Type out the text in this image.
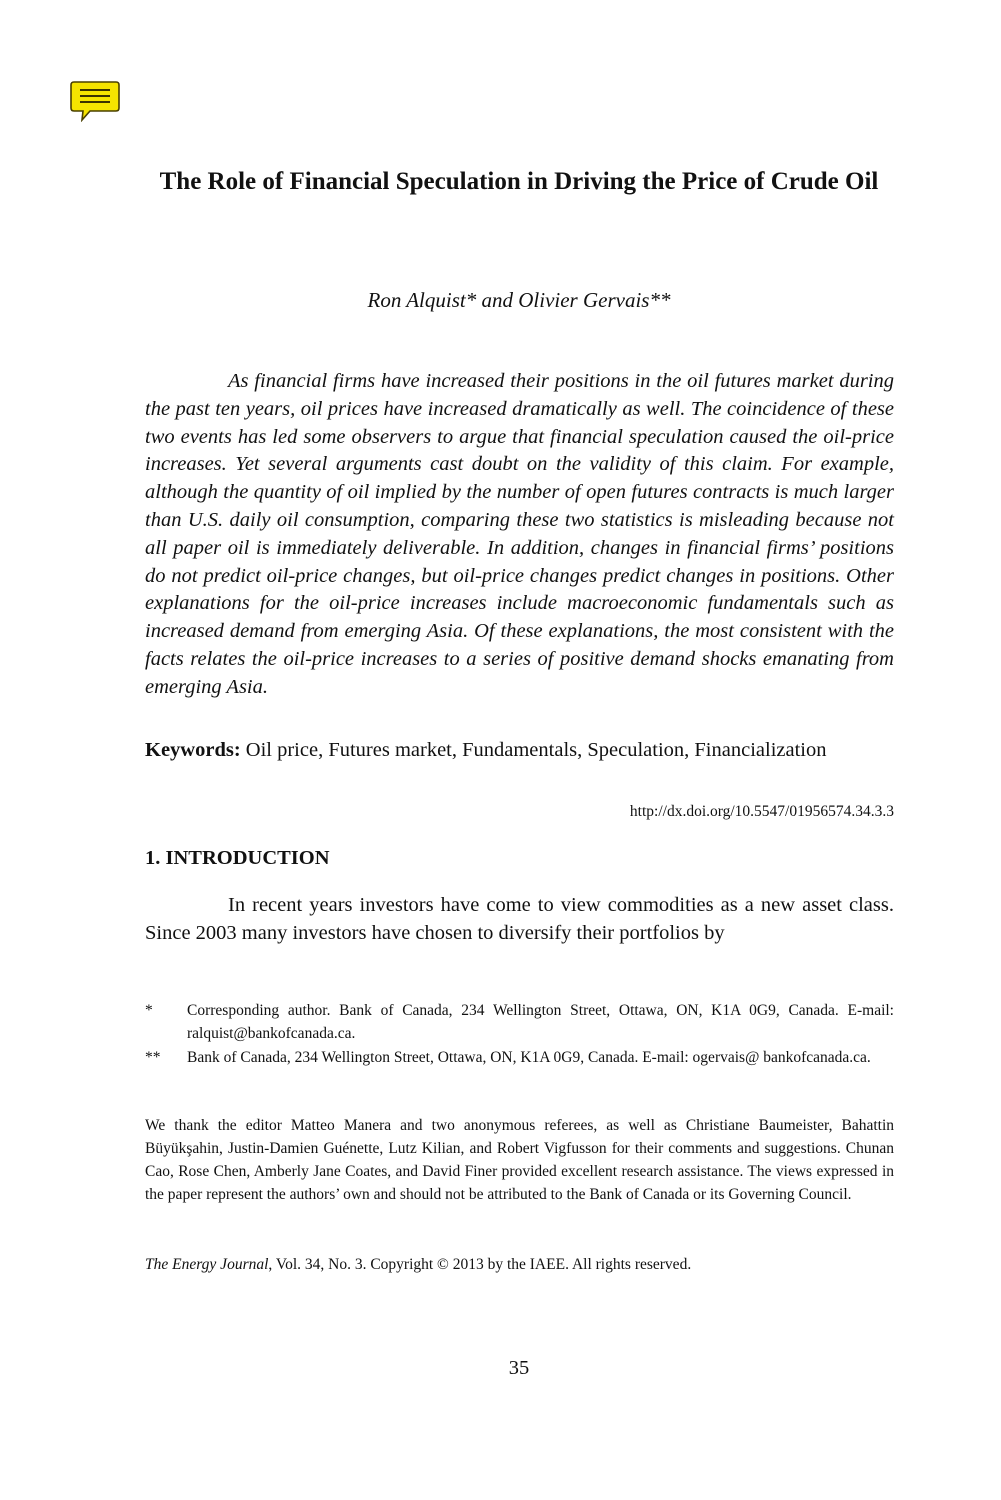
The Role of Financial Speculation in Driving the Price of Crude Oil
Ron Alquist* and Olivier Gervais**

As financial firms have increased their positions in the oil futures market during the past ten years, oil prices have increased dramatically as well. The coincidence of these two events has led some observers to argue that financial speculation caused the oil-price increases. Yet several arguments cast doubt on the validity of this claim. For example, although the quantity of oil implied by the number of open futures contracts is much larger than U.S. daily oil consumption, comparing these two statistics is misleading because not all paper oil is immediately deliverable. In addition, changes in financial firms’ positions do not predict oil-price changes, but oil-price changes predict changes in positions. Other explanations for the oil-price increases include macroeconomic fundamentals such as increased demand from emerging Asia. Of these explanations, the most consistent with the facts relates the oil-price increases to a series of positive demand shocks emanating from emerging Asia.

Keywords: Oil price, Futures market, Fundamentals, Speculation, Financialization

http://dx.doi.org/10.5547/01956574.34.3.3
1. INTRODUCTION

In recent years investors have come to view commodities as a new asset class. Since 2003 many investors have chosen to diversify their portfolios by

* Corresponding author. Bank of Canada, 234 Wellington Street, Ottawa, ON, K1A 0G9, Canada. E-mail: ralquist@bankofcanada.ca.
** Bank of Canada, 234 Wellington Street, Ottawa, ON, K1A 0G9, Canada. E-mail: ogervais@ bankofcanada.ca.

We thank the editor Matteo Manera and two anonymous referees, as well as Christiane Baumeister, Bahattin Büyükşahin, Justin-Damien Guénette, Lutz Kilian, and Robert Vigfusson for their comments and suggestions. Chunan Cao, Rose Chen, Amberly Jane Coates, and David Finer provided excellent research assistance. The views expressed in the paper represent the authors’ own and should not be attributed to the Bank of Canada or its Governing Council.

The Energy Journal, Vol. 34, No. 3. Copyright © 2013 by the IAEE. All rights reserved.
35
